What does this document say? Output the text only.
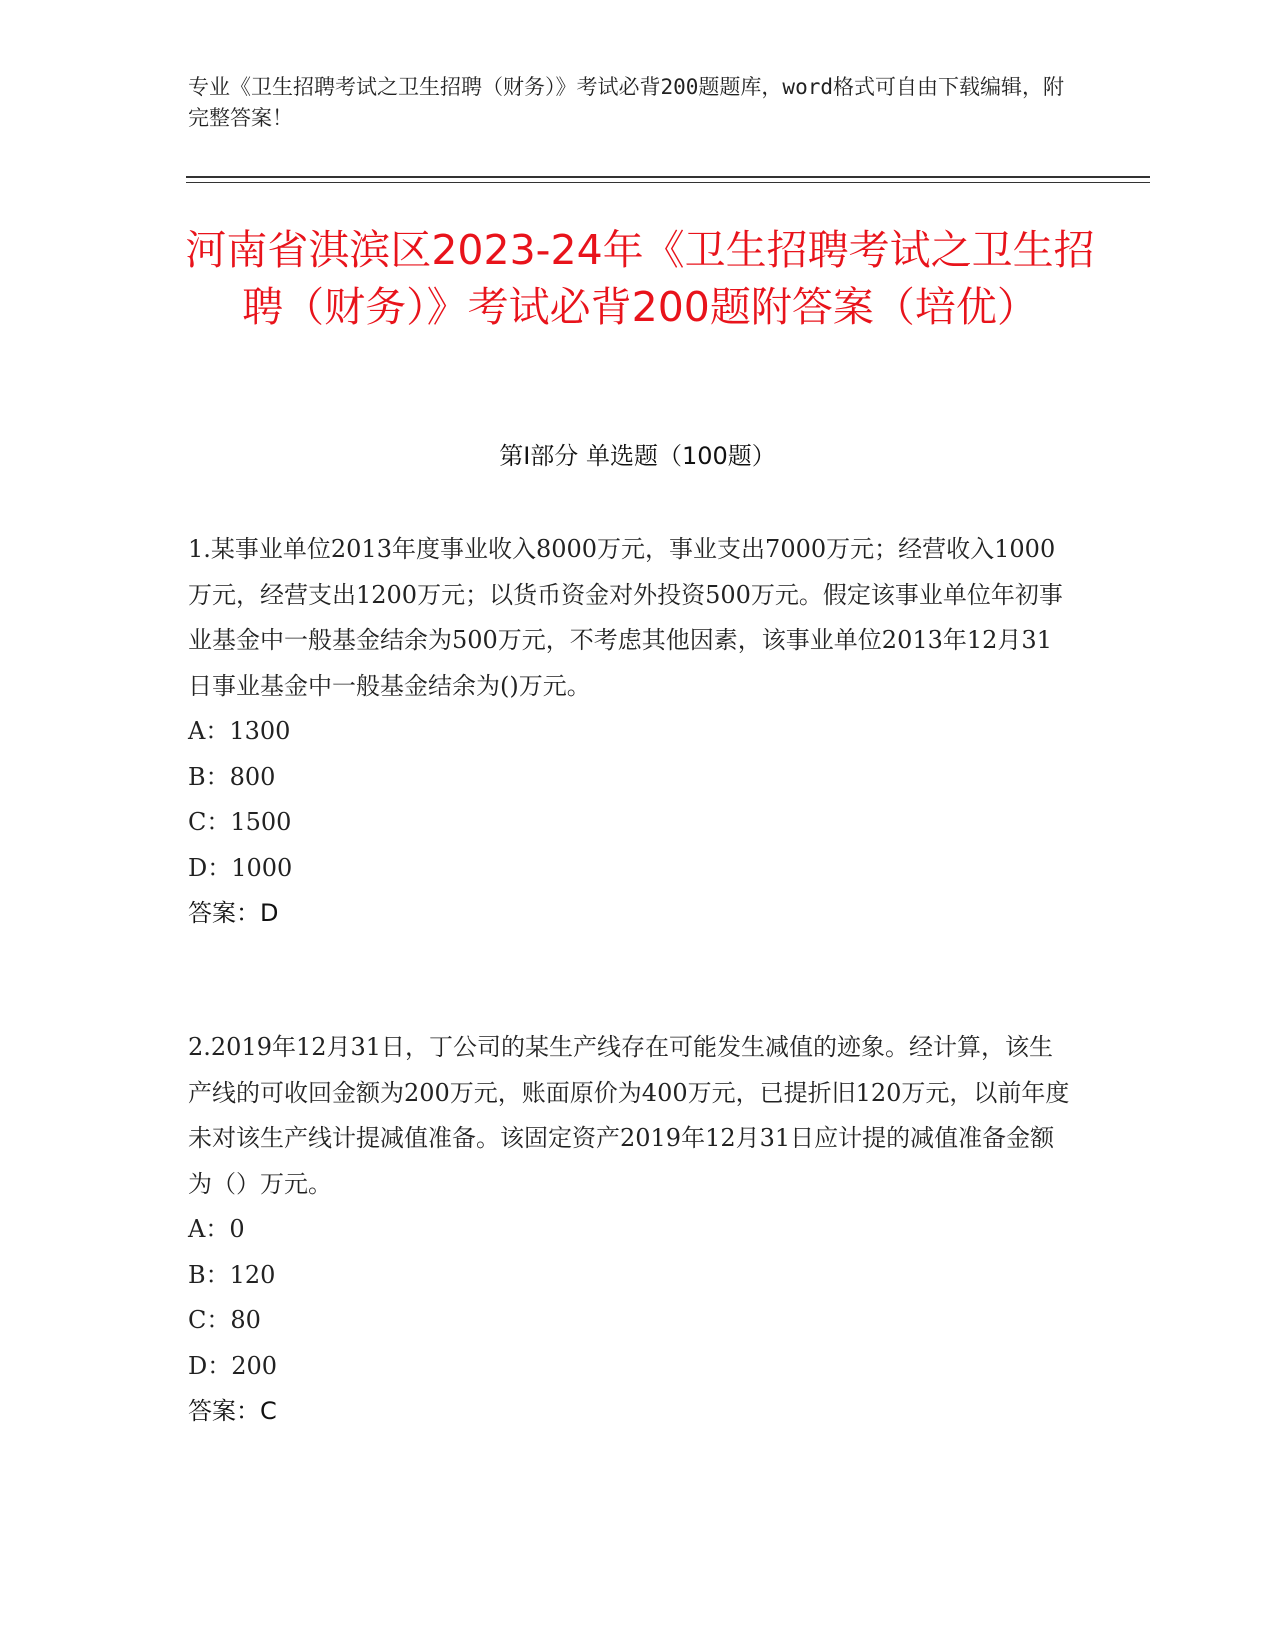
专业《卫生招聘考试之卫生招聘（财务）》考试必背200题题库，word格式可自由下载编辑，附完整答案！
河南省淇滨区2023-24年《卫生招聘考试之卫生招聘（财务）》考试必背200题附答案（培优）
第I部分 单选题（100题）

1.某事业单位2013年度事业收入8000万元，事业支出7000万元；经营收入1000万元，经营支出1200万元；以货币资金对外投资500万元。假定该事业单位年初事业基金中一般基金结余为500万元，不考虑其他因素，该事业单位2013年12月31日事业基金中一般基金结余为()万元。

A：1300

B：800

C：1500

D：1000

答案：D

2.2019年12月31日，丁公司的某生产线存在可能发生减值的迹象。经计算，该生产线的可收回金额为200万元，账面原价为400万元，已提折旧120万元，以前年度未对该生产线计提减值准备。该固定资产2019年12月31日应计提的减值准备金额为（）万元。

A：0

B：120

C：80

D：200

答案：C
